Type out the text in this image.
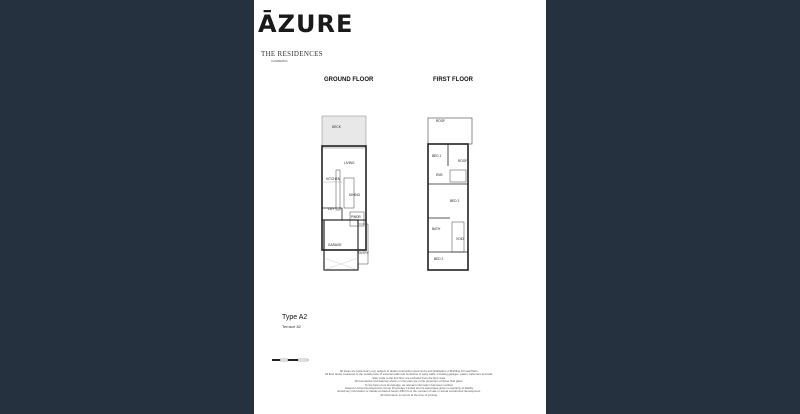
ĀZURE
THE RESIDENCES
CANBERRA
GROUND FLOOR	FIRST FLOOR
DECK
LIVING
KITCHEN
DINING
LDY
PWDR
GARAGE
ENTRY
ROOF
BED 1
ROOF
ENS
BED 3
BATH
VOID
BED 2
Type A2
Terrace 82
All areas are preliminary only, subject to detail construction documents and finalisation of Building Format Plans.
All floor areas measured to the outside face of external walls and centreline of party walls, including garages, patios, balconies and stair.
Stair voids to the first floor are excluded from the floor area.
All boundaries and features shown on this plan are in the proportion of those final plans.
To the best of our knowledge, as relevant information has been verified.
However Azure Developments Group Proprietary Limited and its associates gives no warranty of liability
should any information or details contained herein differ from the contract of sale or actual constructed development.
All information is correct at the time of printing.
